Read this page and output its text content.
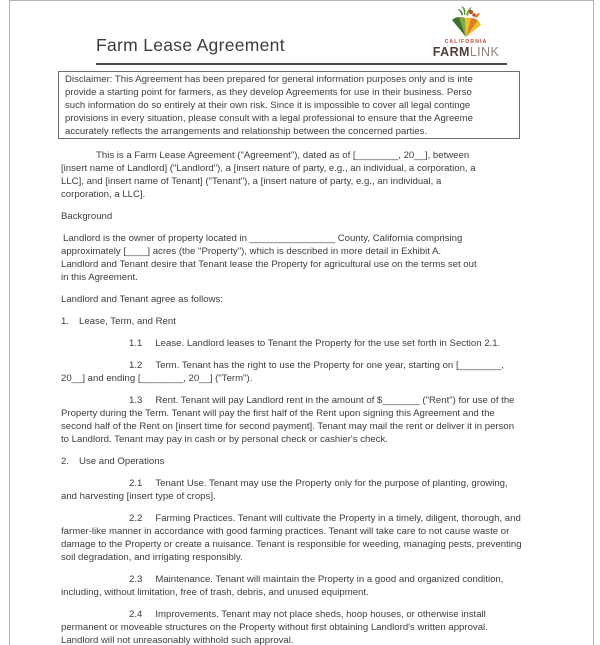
Farm Lease Agreement	CALIFORNIA
FARMLINK
Disclaimer: This Agreement has been prepared for general information purposes only and is inte
provide a starting point for farmers, as they develop Agreements for use in their business. Perso
such information do so entirely at their own risk. Since it is impossible to cover all legal continge
provisions in every situation, please consult with a legal professional to ensure that the Agreeme
accurately reflects the arrangements and relationship between the concerned parties.

This is a Farm Lease Agreement ("Agreement"), dated as of [________, 20__], between [insert name of Landlord] ("Landlord"), a [insert nature of party, e.g., an individual, a corporation, a LLC], and [insert name of Tenant] ("Tenant"), a [insert nature of party, e.g., an individual, a corporation, a LLC].

Background

Landlord is the owner of property located in ________________ County, California comprising approximately [____] acres (the "Property"), which is described in more detail in Exhibit A. Landlord and Tenant desire that Tenant lease the Property for agricultural use on the terms set out in this Agreement.

Landlord and Tenant agree as follows:

1. Lease, Term, and Rent

1.1 Lease. Landlord leases to Tenant the Property for the use set forth in Section 2.1.

1.2 Term. Tenant has the right to use the Property for one year, starting on [________, 20__] and ending [________, 20__] ("Term").

1.3 Rent. Tenant will pay Landlord rent in the amount of $_______ ("Rent") for use of the Property during the Term. Tenant will pay the first half of the Rent upon signing this Agreement and the second half of the Rent on [insert time for second payment]. Tenant may mail the rent or deliver it in person to Landlord. Tenant may pay in cash or by personal check or cashier's check.

2. Use and Operations

2.1 Tenant Use. Tenant may use the Property only for the purpose of planting, growing, and harvesting [insert type of crops].

2.2 Farming Practices. Tenant will cultivate the Property in a timely, diligent, thorough, and farmer-like manner in accordance with good farming practices. Tenant will take care to not cause waste or damage to the Property or create a nuisance. Tenant is responsible for weeding, managing pests, preventing soil degradation, and irrigating responsibly.

2.3 Maintenance. Tenant will maintain the Property in a good and organized condition, including, without limitation, free of trash, debris, and unused equipment.

2.4 Improvements. Tenant may not place sheds, hoop houses, or otherwise install permanent or moveable structures on the Property without first obtaining Landlord's written approval. Landlord will not unreasonably withhold such approval.
